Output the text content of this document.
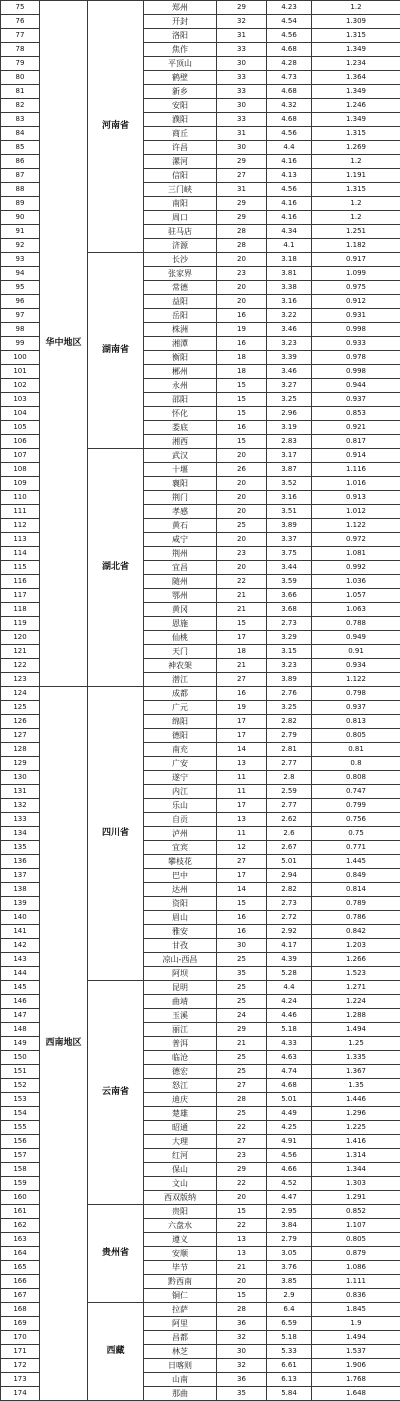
75	华中地区	河南省	郑州	29	4.23	1.2	
76			开封	32	4.54	1.309	
77			洛阳	31	4.56	1.315	
78			焦作	33	4.68	1.349	
79			平顶山	30	4.28	1.234	
80			鹤壁	33	4.73	1.364	
81			新乡	33	4.68	1.349	
82			安阳	30	4.32	1.246	
83			濮阳	33	4.68	1.349	
84			商丘	31	4.56	1.315	
85			许昌	30	4.4	1.269	
86			漯河	29	4.16	1.2	
87			信阳	27	4.13	1.191	
88			三门峡	31	4.56	1.315	
89			南阳	29	4.16	1.2	
90			周口	29	4.16	1.2	
91			驻马店	28	4.34	1.251	
92			济源	28	4.1	1.182	
93		湖南省	长沙	20	3.18	0.917	
94			张家界	23	3.81	1.099	
95			常德	20	3.38	0.975	
96			益阳	20	3.16	0.912	
97			岳阳	16	3.22	0.931	
98			株洲	19	3.46	0.998	
99			湘潭	16	3.23	0.933	
100			衡阳	18	3.39	0.978	
101			郴州	18	3.46	0.998	
102			永州	15	3.27	0.944	
103			邵阳	15	3.25	0.937	
104			怀化	15	2.96	0.853	
105			娄底	16	3.19	0.921	
106			湘西	15	2.83	0.817	
107		湖北省	武汉	20	3.17	0.914	
108			十堰	26	3.87	1.116	
109			襄阳	20	3.52	1.016	
110			荆门	20	3.16	0.913	
111			孝感	20	3.51	1.012	
112			黄石	25	3.89	1.122	
113			咸宁	20	3.37	0.972	
114			荆州	23	3.75	1.081	
115			宜昌	20	3.44	0.992	
116			随州	22	3.59	1.036	
117			鄂州	21	3.66	1.057	
118			黄冈	21	3.68	1.063	
119			恩施	15	2.73	0.788	
120			仙桃	17	3.29	0.949	
121			天门	18	3.15	0.91	
122			神农架	21	3.23	0.934	
123			潜江	27	3.89	1.122	
124	西南地区	四川省	成都	16	2.76	0.798	
125			广元	19	3.25	0.937	
126			绵阳	17	2.82	0.813	
127			德阳	17	2.79	0.805	
128			南充	14	2.81	0.81	
129			广安	13	2.77	0.8	
130			遂宁	11	2.8	0.808	
131			内江	11	2.59	0.747	
132			乐山	17	2.77	0.799	
133			自贡	13	2.62	0.756	
134			泸州	11	2.6	0.75	
135			宜宾	12	2.67	0.771	
136			攀枝花	27	5.01	1.445	
137			巴中	17	2.94	0.849	
138			达州	14	2.82	0.814	
139			资阳	15	2.73	0.789	
140			眉山	16	2.72	0.786	
141			雅安	16	2.92	0.842	
142			甘孜	30	4.17	1.203	
143			凉山-西昌	25	4.39	1.266	
144			阿坝	35	5.28	1.523	
145		云南省	昆明	25	4.4	1.271	
146			曲靖	25	4.24	1.224	
147			玉溪	24	4.46	1.288	
148			丽江	29	5.18	1.494	
149			普洱	21	4.33	1.25	
150			临沧	25	4.63	1.335	
151			德宏	25	4.74	1.367	
152			怒江	27	4.68	1.35	
153			迪庆	28	5.01	1.446	
154			楚雄	25	4.49	1.296	
155			昭通	22	4.25	1.225	
156			大理	27	4.91	1.416	
157			红河	23	4.56	1.314	
158			保山	29	4.66	1.344	
159			文山	22	4.52	1.303	
160			西双版纳	20	4.47	1.291	
161		贵州省	贵阳	15	2.95	0.852	
162			六盘水	22	3.84	1.107	
163			遵义	13	2.79	0.805	
164			安顺	13	3.05	0.879	
165			毕节	21	3.76	1.086	
166			黔西南	20	3.85	1.111	
167			铜仁	15	2.9	0.836	
168		西藏	拉萨	28	6.4	1.845	
169			阿里	36	6.59	1.9	
170			昌都	32	5.18	1.494	
171			林芝	30	5.33	1.537	
172			日喀则	32	6.61	1.906	
173			山南	36	6.13	1.768	
174			那曲	35	5.84	1.648	
